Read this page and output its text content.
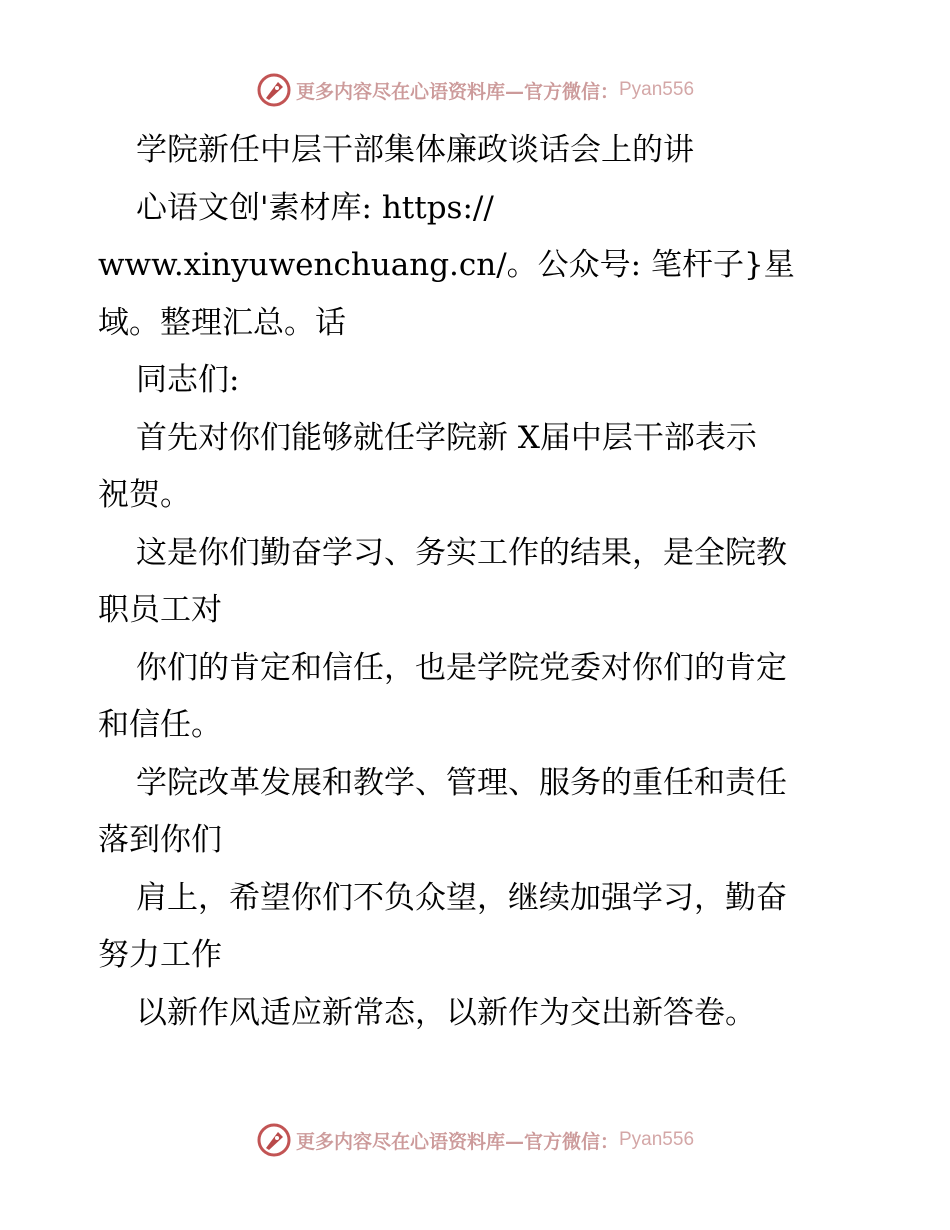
更多内容尽在心语资料库—官方微信： Pyan556
学院新任中层干部集体廉政谈话会上的讲
心语文创'素材库: https://
www.xinyuwenchuang.cn/。公众号: 笔杆子}星
域。整理汇总。话
同志们:
首先对你们能够就任学院新 X届中层干部表示
祝贺。
这是你们勤奋学习、务实工作的结果，是全院教
职员工对
你们的肯定和信任，也是学院党委对你们的肯定
和信任。
学院改革发展和教学、管理、服务的重任和责任
落到你们
肩上，希望你们不负众望，继续加强学习，勤奋
努力工作
以新作风适应新常态，以新作为交出新答卷。
更多内容尽在心语资料库—官方微信： Pyan556
